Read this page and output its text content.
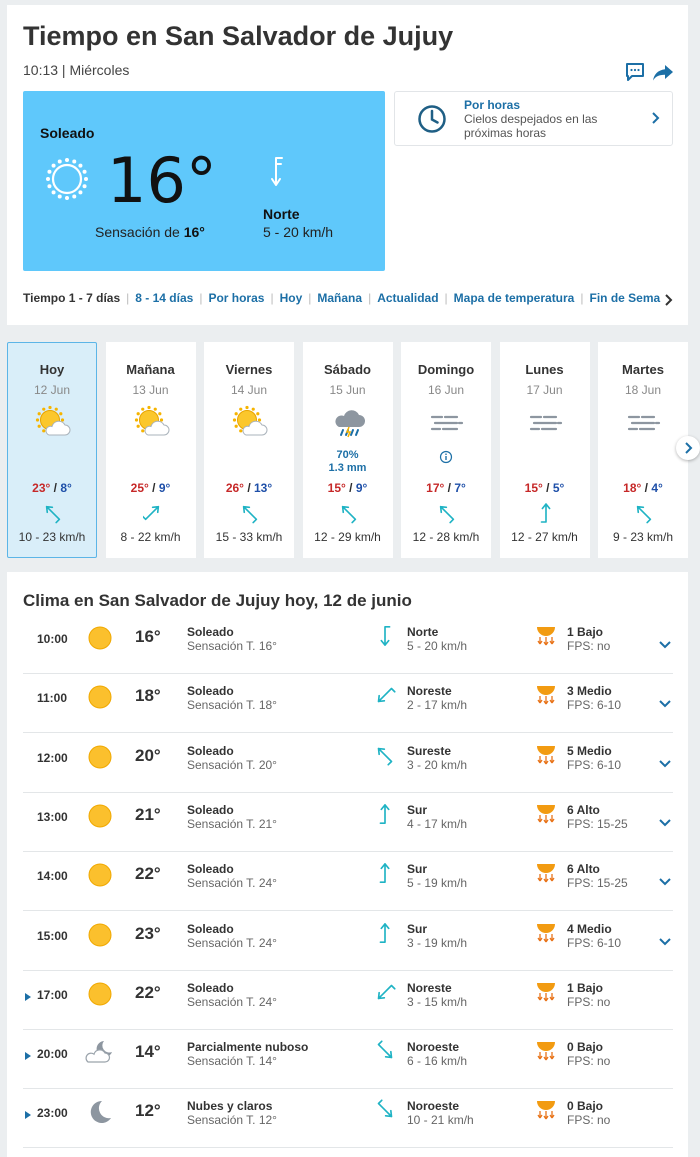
Tiempo en San Salvador de Jujuy
10:13 | Miércoles
Soleado
16°
Sensación de 16°
Norte
5 - 20 km/h
Por horas
Cielos despejados en las próximas horas
Tiempo 1 - 7 días | 8 - 14 días | Por horas | Hoy | Mañana | Actualidad | Mapa de temperatura | Fin de Sema
Hoy
12 Jun
23° / 8°
10 - 23 km/h
Mañana
13 Jun
25° / 9°
8 - 22 km/h
Viernes
14 Jun
26° / 13°
15 - 33 km/h
Sábado
15 Jun
70%
1.3 mm
15° / 9°
12 - 29 km/h
Domingo
16 Jun
17° / 7°
12 - 28 km/h
Lunes
17 Jun
15° / 5°
12 - 27 km/h
Martes
18 Jun
18° / 4°
9 - 23 km/h
Clima en San Salvador de Jujuy hoy, 12 de junio
10:00	16° Soleado
Sensación T. 16°
Norte
5 - 20 km/h
1 Bajo
FPS: no
11:00	18° Soleado
Sensación T. 18°
Noreste
2 - 17 km/h
3 Medio
FPS: 6-10
12:00	20° Soleado
Sensación T. 20°
Sureste
3 - 20 km/h
5 Medio
FPS: 6-10
13:00	21° Soleado
Sensación T. 21°
Sur
4 - 17 km/h
6 Alto
FPS: 15-25
14:00	22° Soleado
Sensación T. 24°
Sur
5 - 19 km/h
6 Alto
FPS: 15-25
15:00	23° Soleado
Sensación T. 24°
Sur
3 - 19 km/h
4 Medio
FPS: 6-10
17:00	22° Soleado
Sensación T. 24°
Noreste
3 - 15 km/h
1 Bajo
FPS: no
20:00	14° Parcialmente nuboso
Sensación T. 14°
Noroeste
6 - 16 km/h
0 Bajo
FPS: no
23:00	12° Nubes y claros
Sensación T. 12°
Noroeste
10 - 21 km/h
0 Bajo
FPS: no
